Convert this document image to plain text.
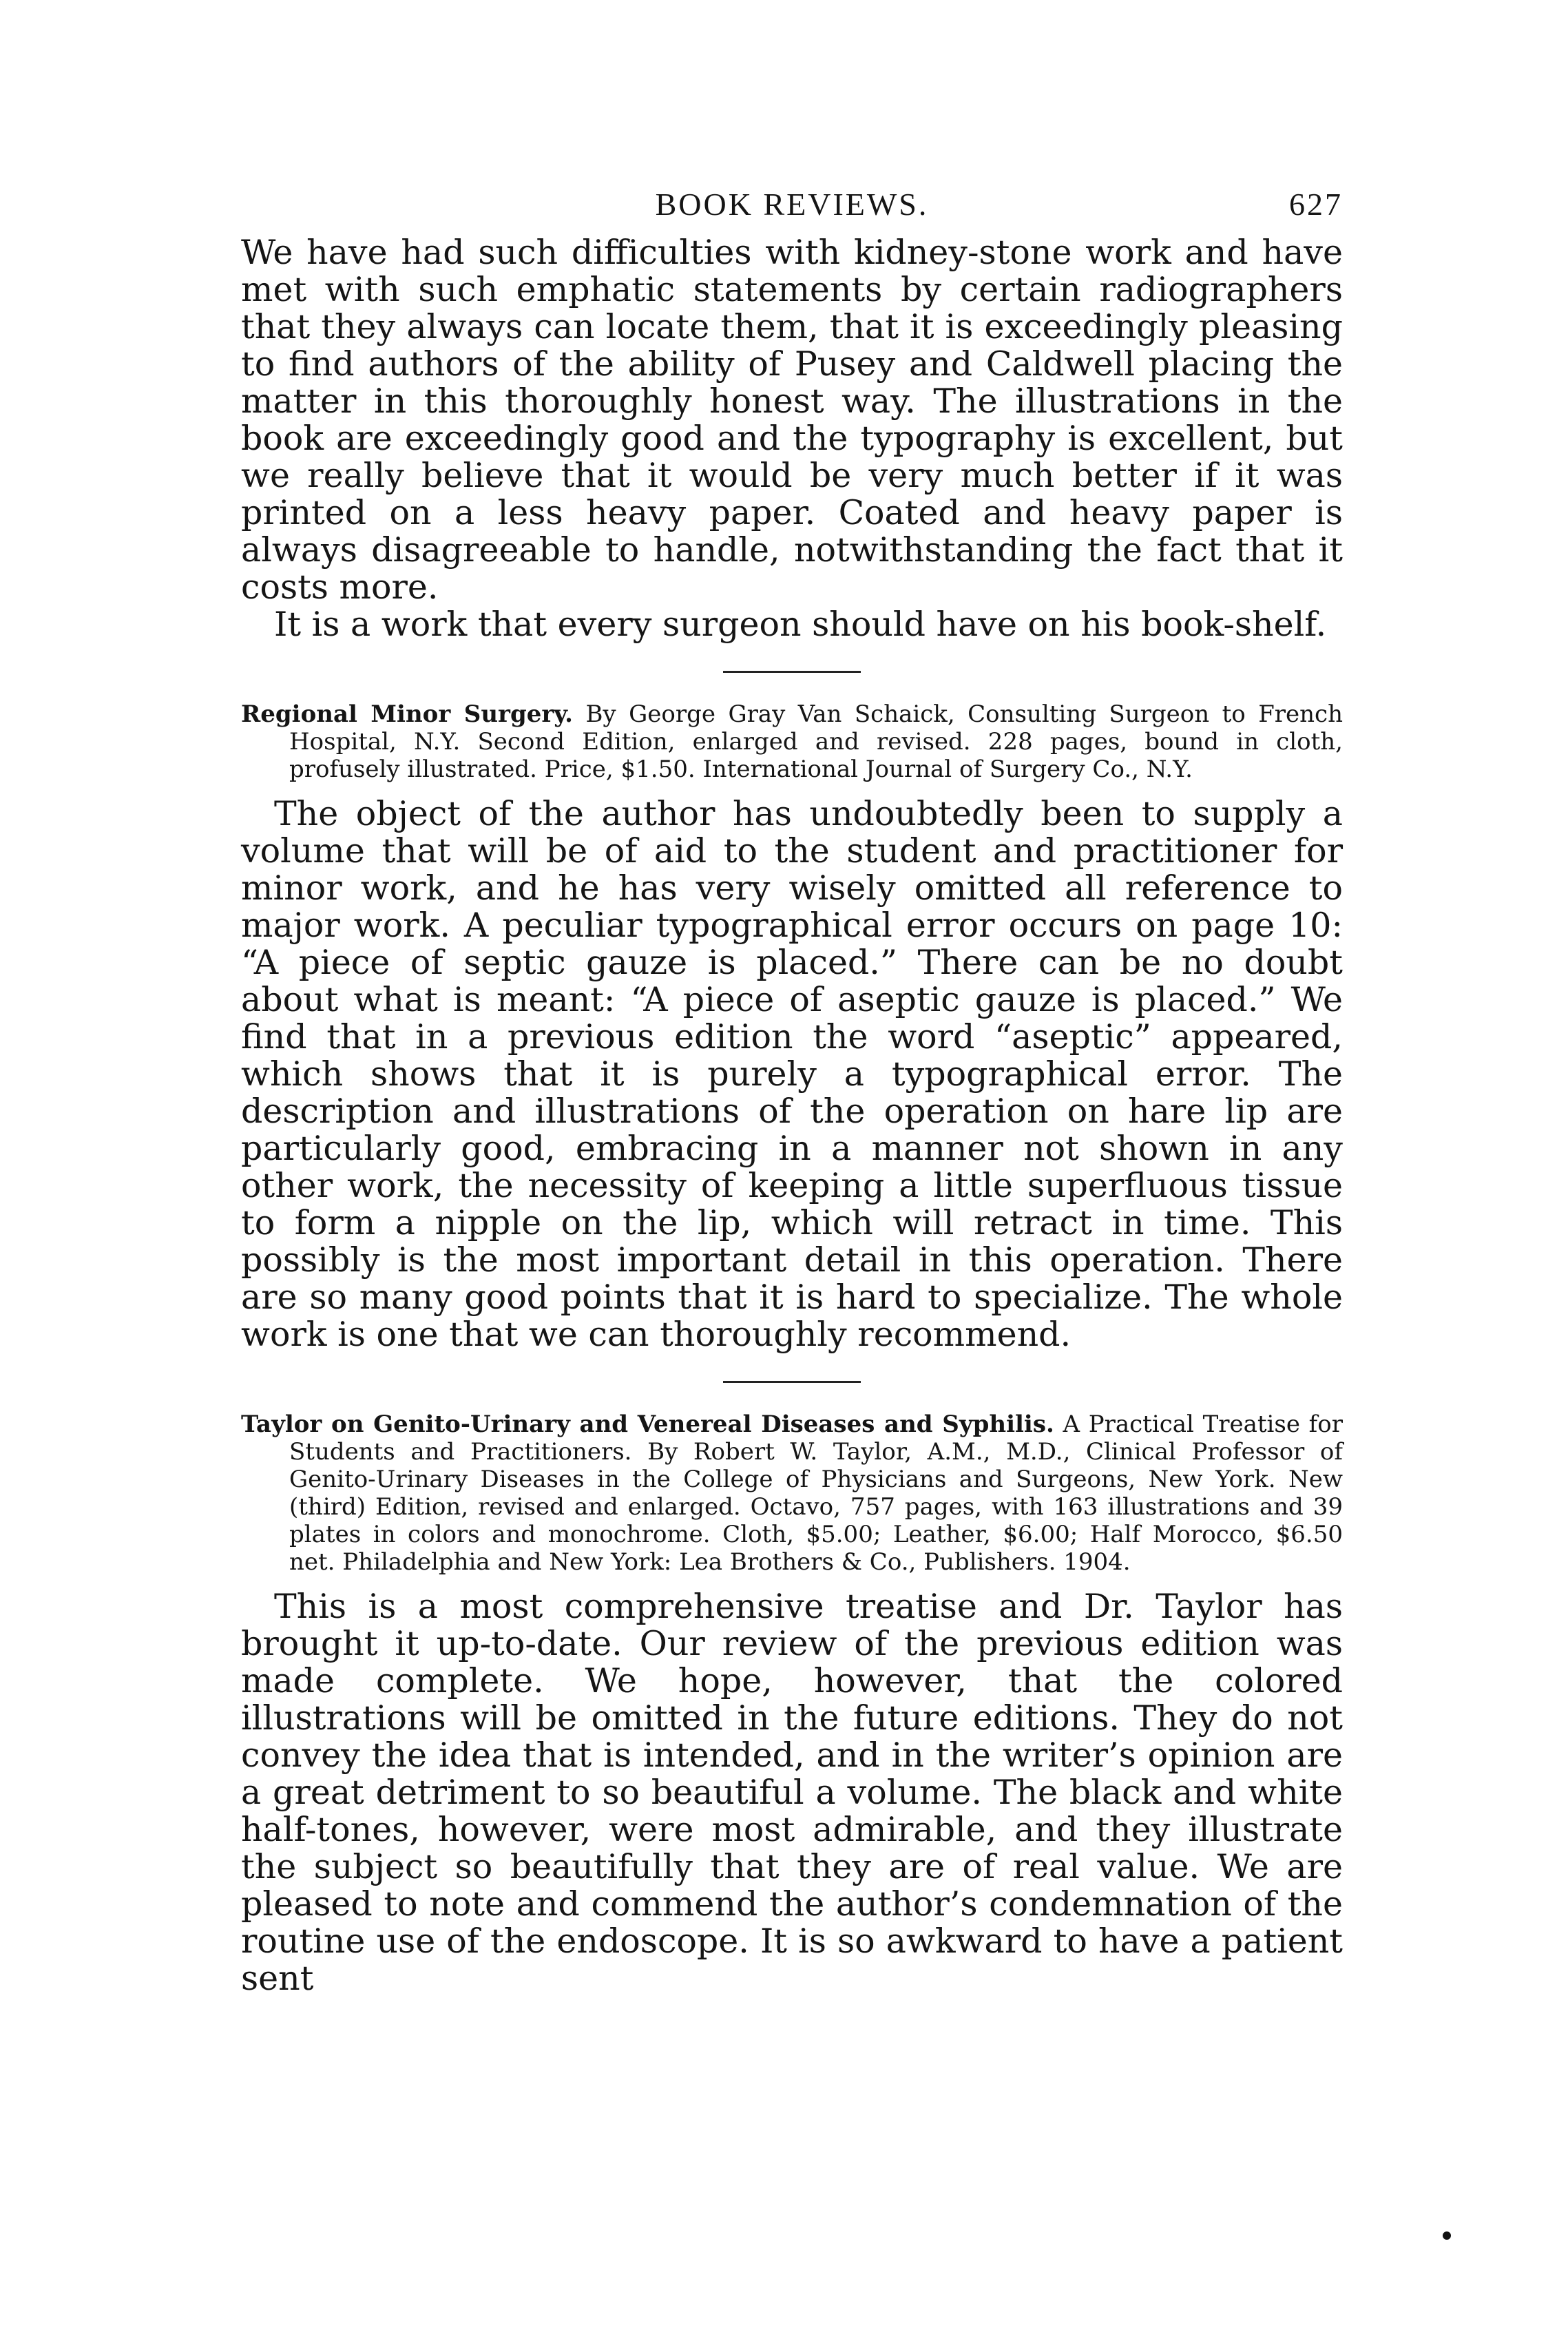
BOOK REVIEWS.	627

We have had such difficulties with kidney-stone work and have met with such emphatic statements by certain radiographers that they always can locate them, that it is exceedingly pleasing to find authors of the ability of Pusey and Caldwell placing the matter in this thoroughly honest way. The illustrations in the book are exceedingly good and the typography is excellent, but we really believe that it would be very much better if it was printed on a less heavy paper. Coated and heavy paper is always disagreeable to handle, notwithstanding the fact that it costs more.

It is a work that every surgeon should have on his book-shelf.

Regional Minor Surgery. By George Gray Van Schaick, Consulting Surgeon to French Hospital, N.Y. Second Edition, enlarged and revised. 228 pages, bound in cloth, profusely illustrated. Price, $1.50. International Journal of Surgery Co., N.Y.

The object of the author has undoubtedly been to supply a volume that will be of aid to the student and practitioner for minor work, and he has very wisely omitted all reference to major work. A peculiar typographical error occurs on page 10: “A piece of septic gauze is placed.” There can be no doubt about what is meant: “A piece of aseptic gauze is placed.” We find that in a previous edition the word “aseptic” appeared, which shows that it is purely a typographical error. The description and illustrations of the operation on hare lip are particularly good, embracing in a manner not shown in any other work, the necessity of keeping a little superfluous tissue to form a nipple on the lip, which will retract in time. This possibly is the most important detail in this operation. There are so many good points that it is hard to specialize. The whole work is one that we can thoroughly recommend.

Taylor on Genito-Urinary and Venereal Diseases and Syphilis. A Practical Treatise for Students and Practitioners. By Robert W. Taylor, A.M., M.D., Clinical Professor of Genito-Urinary Diseases in the College of Physicians and Surgeons, New York. New (third) Edition, revised and enlarged. Octavo, 757 pages, with 163 illustrations and 39 plates in colors and monochrome. Cloth, $5.00; Leather, $6.00; Half Morocco, $6.50 net. Philadelphia and New York: Lea Brothers & Co., Publishers. 1904.

This is a most comprehensive treatise and Dr. Taylor has brought it up-to-date. Our review of the previous edition was made complete. We hope, however, that the colored illustrations will be omitted in the future editions. They do not convey the idea that is intended, and in the writer’s opinion are a great detriment to so beautiful a volume. The black and white half-tones, however, were most admirable, and they illustrate the subject so beautifully that they are of real value. We are pleased to note and commend the author’s condemnation of the routine use of the endoscope. It is so awkward to have a patient sent
